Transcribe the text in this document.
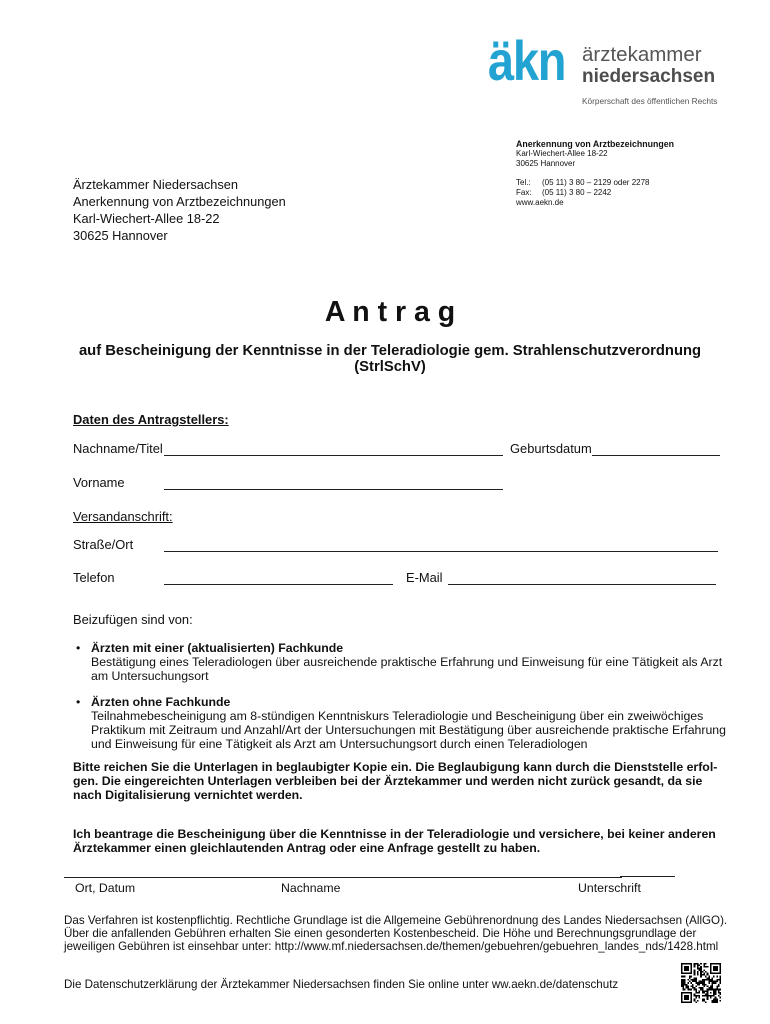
äkn ärztekammer
niedersachsen
Körperschaft des öffentlichen Rechts
Anerkennung von Arztbezeichnungen
Karl-Wiechert-Allee 18-22
30625 Hannover
Tel.: (05 11) 3 80 – 2129 oder 2278
Fax: (05 11) 3 80 – 2242
www.aekn.de
Ärztekammer Niedersachsen
Anerkennung von Arztbezeichnungen
Karl-Wiechert-Allee 18-22
30625 Hannover
A n t r a g
auf Bescheinigung der Kenntnisse in der Teleradiologie gem. Strahlenschutzverordnung
(StrlSchV)
Daten des Antragstellers:
Nachname/Titel	Geburtsdatum
Vorname
Versandanschrift:
Straße/Ort
Telefon	E-Mail
Beizufügen sind von:
• Ärzten mit einer (aktualisierten) Fachkunde
Bestätigung eines Teleradiologen über ausreichende praktische Erfahrung und Einweisung für eine Tätigkeit als Arzt
am Untersuchungsort
• Ärzten ohne Fachkunde
Teilnahmebescheinigung am 8-stündigen Kenntniskurs Teleradiologie und Bescheinigung über ein zweiwöchiges
Praktikum mit Zeitraum und Anzahl/Art der Untersuchungen mit Bestätigung über ausreichende praktische Erfahrung
und Einweisung für eine Tätigkeit als Arzt am Untersuchungsort durch einen Teleradiologen
Bitte reichen Sie die Unterlagen in beglaubigter Kopie ein. Die Beglaubigung kann durch die Dienststelle erfol-
gen. Die eingereichten Unterlagen verbleiben bei der Ärztekammer und werden nicht zurück gesandt, da sie
nach Digitalisierung vernichtet werden.
Ich beantrage die Bescheinigung über die Kenntnisse in der Teleradiologie und versichere, bei keiner anderen
Ärztekammer einen gleichlautenden Antrag oder eine Anfrage gestellt zu haben.
Ort, Datum	Nachname	Unterschrift
Das Verfahren ist kostenpflichtig. Rechtliche Grundlage ist die Allgemeine Gebührenordnung des Landes Niedersachsen (AllGO).
Über die anfallenden Gebühren erhalten Sie einen gesonderten Kostenbescheid. Die Höhe und Berechnungsgrundlage der
jeweiligen Gebühren ist einsehbar unter: http://www.mf.niedersachsen.de/themen/gebuehren/gebuehren_landes_nds/1428.html
Die Datenschutzerklärung der Ärztekammer Niedersachsen finden Sie online unter ww.aekn.de/datenschutz
